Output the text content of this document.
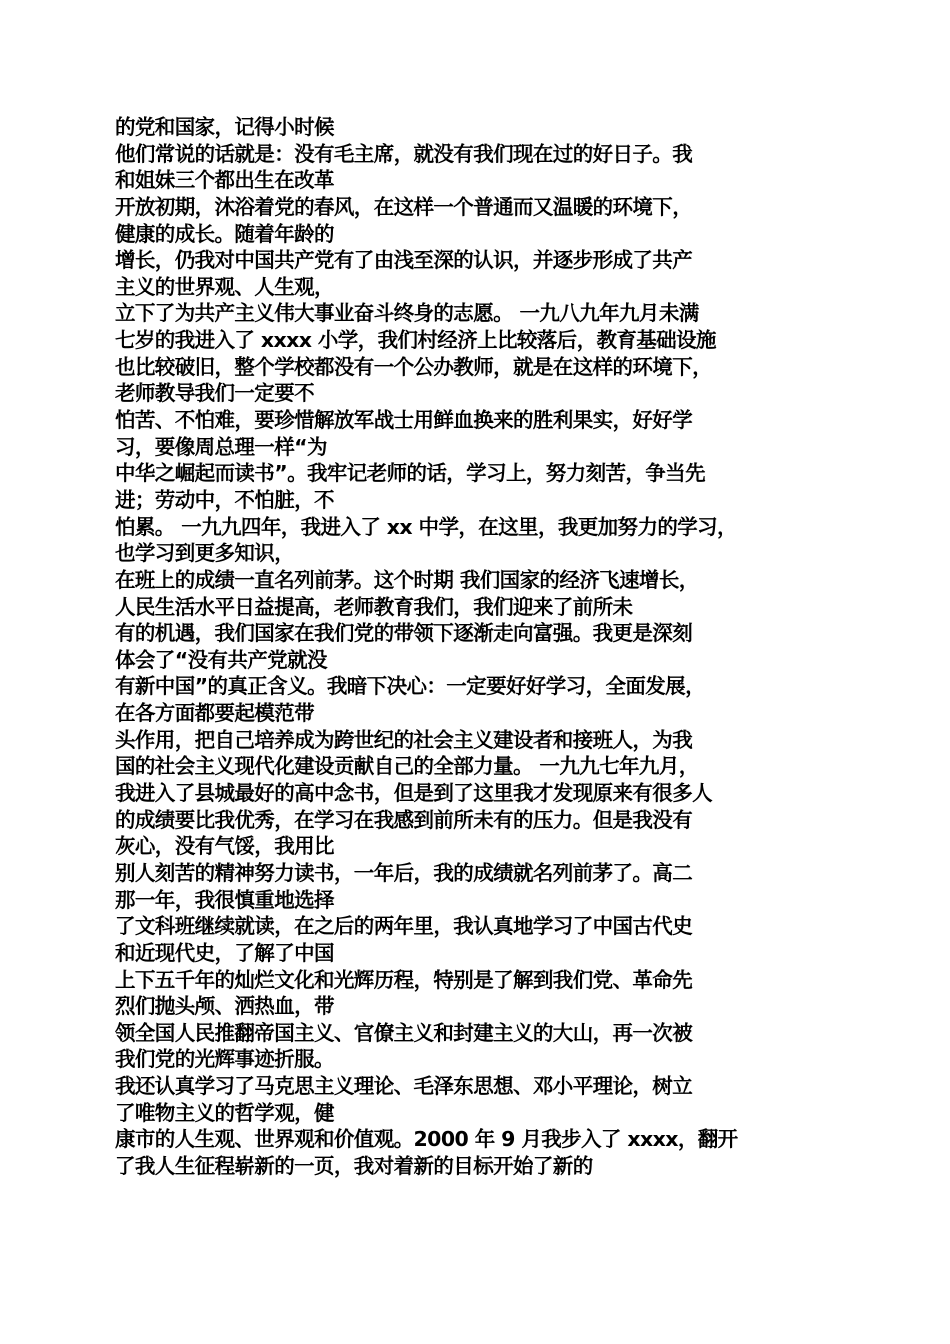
的党和国家，记得小时候
他们常说的话就是：没有毛主席，就没有我们现在过的好日子。我
和姐妹三个都出生在改革
开放初期，沐浴着党的春风，在这样一个普通而又温暖的环境下，
健康的成长。随着年龄的
增长，仍我对中国共产党有了由浅至深的认识，并逐步形成了共产
主义的世界观、人生观，
立下了为共产主义伟大事业奋斗终身的志愿。 一九八九年九月未满
七岁的我进入了 xxxx 小学，我们村经济上比较落后，教育基础设施
也比较破旧，整个学校都没有一个公办教师，就是在这样的环境下，
老师教导我们一定要不
怕苦、不怕难，要珍惜解放军战士用鲜血换来的胜利果实，好好学
习，要像周总理一样“为
中华之崛起而读书”。我牢记老师的话，学习上，努力刻苦，争当先
进；劳动中，不怕脏，不
怕累。 一九九四年，我进入了 xx 中学，在这里，我更加努力的学习，
也学习到更多知识，
在班上的成绩一直名列前茅。这个时期 我们国家的经济飞速增长，
人民生活水平日益提高，老师教育我们，我们迎来了前所未
有的机遇，我们国家在我们党的带领下逐渐走向富强。我更是深刻
体会了“没有共产党就没
有新中国”的真正含义。我暗下决心：一定要好好学习，全面发展，
在各方面都要起模范带
头作用，把自己培养成为跨世纪的社会主义建设者和接班人，为我
国的社会主义现代化建设贡献自己的全部力量。 一九九七年九月，
我进入了县城最好的高中念书，但是到了这里我才发现原来有很多人
的成绩要比我优秀，在学习在我感到前所未有的压力。但是我没有
灰心，没有气馁，我用比
别人刻苦的精神努力读书，一年后，我的成绩就名列前茅了。高二
那一年，我很慎重地选择
了文科班继续就读，在之后的两年里，我认真地学习了中国古代史
和近现代史，了解了中国
上下五千年的灿烂文化和光辉历程，特别是了解到我们党、革命先
烈们抛头颅、洒热血，带
领全国人民推翻帝国主义、官僚主义和封建主义的大山，再一次被
我们党的光辉事迹折服。
我还认真学习了马克思主义理论、毛泽东思想、邓小平理论，树立
了唯物主义的哲学观，健
康市的人生观、世界观和价值观。2000 年 9 月我步入了 xxxx，翻开
了我人生征程崭新的一页，我对着新的目标开始了新的
